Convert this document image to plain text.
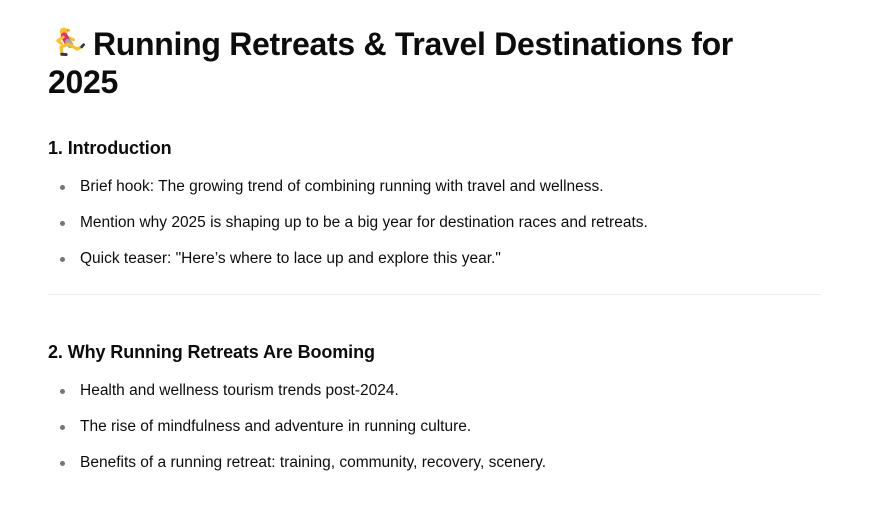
Running Retreats & Travel Destinations for 2025
1. Introduction
Brief hook: The growing trend of combining running with travel and wellness.
Mention why 2025 is shaping up to be a big year for destination races and retreats.
Quick teaser: "Here’s where to lace up and explore this year."
2. Why Running Retreats Are Booming
Health and wellness tourism trends post-2024.
The rise of mindfulness and adventure in running culture.
Benefits of a running retreat: training, community, recovery, scenery.
